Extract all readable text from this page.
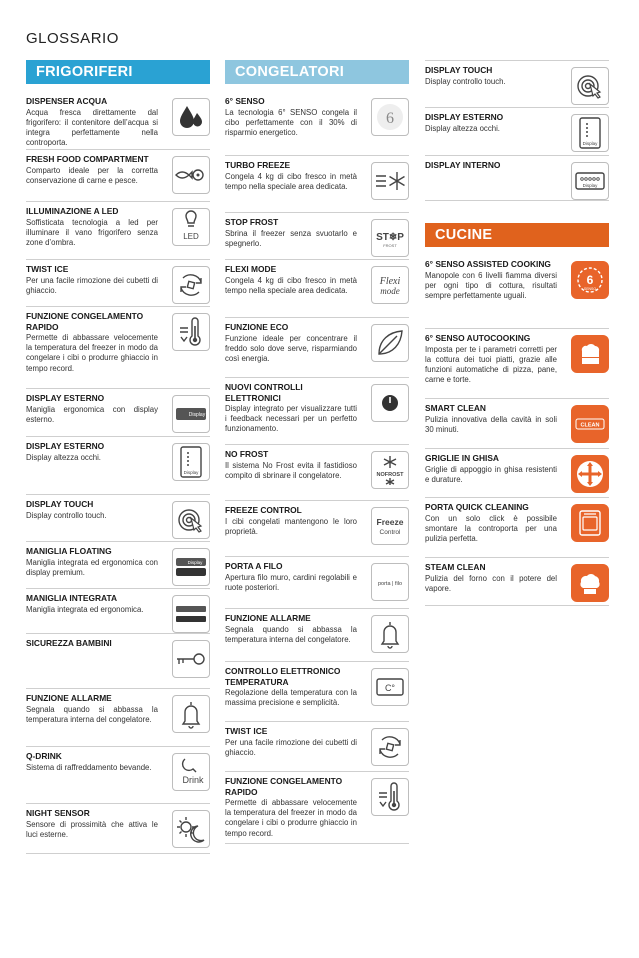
GLOSSARIO
FRIGORIFERI
DISPENSER ACQUA
Acqua fresca direttamente dal frigorifero: il contenitore dell’acqua si integra perfettamente nella controporta.
FRESH FOOD COMPARTMENT
Comparto ideale per la corretta conservazione di carne e pesce.
ILLUMINAZIONE A LED
Soffisticata tecnologia a led per illuminare il vano frigorifero senza zone d’ombra.
LED
TWIST ICE
Per una facile rimozione dei cubetti di ghiaccio.
FUNZIONE CONGELAMENTO RAPIDO
Permette di abbassare velocemente la temperatura del freezer in modo da congelare i cibi o produrre ghiaccio in tempo record.
DISPLAY ESTERNO
Maniglia ergonomica con display esterno.	Display
DISPLAY ESTERNO
Display altezza occhi.
Display
DISPLAY TOUCH
Display controllo touch.
MANIGLIA FLOATING
Maniglia integrata ed ergonomica con display premium.
Display
MANIGLIA INTEGRATA
Maniglia integrata ed ergonomica.
SICUREZZA BAMBINI
FUNZIONE ALLARME
Segnala quando si abbassa la temperatura interna del congelatore.
Q-DRINK
Sistema di raffreddamento bevande.
Drink
NIGHT SENSOR
Sensore di prossimità che attiva le luci esterne.
CONGELATORI
6° SENSO
La tecnologia 6° SENSO congela il cibo perfettamente con il 30% di risparmio energetico.
6
TURBO FREEZE
Congela 4 kg di cibo fresco in metà tempo nella speciale area dedicata.
STOP FROST
Sbrina il freezer senza svuotarlo e spegnerlo.
ST❄P
FROST
FLEXI MODE
Congela 4 kg di cibo fresco in metà tempo nella speciale area dedicata.
Flexi
mode
FUNZIONE ECO
Funzione ideale per concentrare il freddo solo dove serve, risparmiando così energia.
NUOVI CONTROLLI ELETTRONICI
Display integrato per visualizzare tutti i feedback necessari per un perfetto funzionamento.
NO FROST
Il sistema No Frost evita il fastidioso compito di sbrinare il congelatore.	NOFROST
FREEZE CONTROL
I cibi congelati mantengono le loro proprietà.
Freeze
Control
PORTA A FILO
Apertura filo muro, cardini regolabili e ruote posteriori.	porta | filo
FUNZIONE ALLARME
Segnala quando si abbassa la temperatura interna del congelatore.
CONTROLLO ELETTRONICO TEMPERATURA
Regolazione della temperatura con la massima precisione e semplicità.
C°
TWIST ICE
Per una facile rimozione dei cubetti di ghiaccio.
FUNZIONE CONGELAMENTO RAPIDO
Permette di abbassare velocemente la temperatura del freezer in modo da congelare i cibi o produrre ghiaccio in tempo record.
DISPLAY TOUCH
Display controllo touch.
DISPLAY ESTERNO
Display altezza occhi.
Display
DISPLAY INTERNO
Display
CUCINE
6° SENSO ASSISTED COOKING
Manopole con 6 livelli fiamma diversi per ogni tipo di cottura, risultati sempre perfettamente uguali.
6
SENSO
6° SENSO AUTOCOOKING
Imposta per te i parametri corretti per la cottura dei tuoi piatti, grazie alle funzioni automatiche di pizza, pane, carne e torte.
SMART CLEAN
Pulizia innovativa della cavità in soli 30 minuti.	CLEAN
GRIGLIE IN GHISA
Griglie di appoggio in ghisa resistenti e durature.
PORTA QUICK CLEANING
Con un solo click è possibile smontare la controporta per una pulizia perfetta.
STEAM CLEAN
Pulizia del forno con il potere del vapore.
